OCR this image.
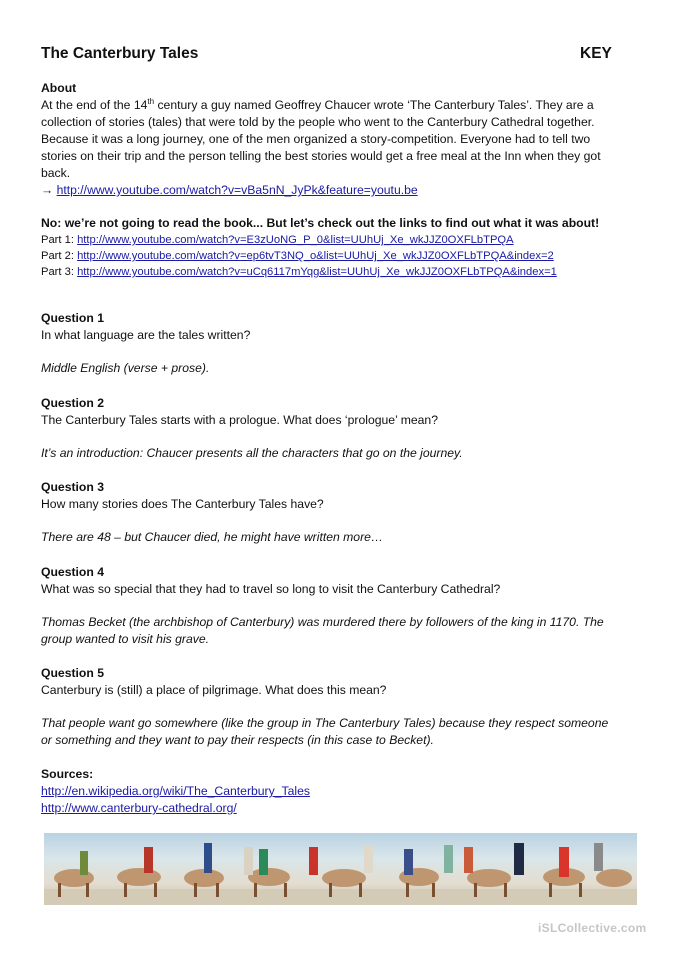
The Canterbury Tales	KEY
About
At the end of the 14th century a guy named Geoffrey Chaucer wrote ‘The Canterbury Tales’. They are a
collection of stories (tales) that were told by the people who went to the Canterbury Cathedral together.
Because it was a long journey, one of the men organized a story-competition. Everyone had to tell two
stories on their trip and the person telling the best stories would get a free meal at the Inn when they got
back.
→ http://www.youtube.com/watch?v=vBa5nN_JyPk&feature=youtu.be
No: we’re not going to read the book... But let’s check out the links to find out what it was about!
Part 1: http://www.youtube.com/watch?v=E3zUoNG_P_0&list=UUhUj_Xe_wkJJZ0OXFLbTPQA
Part 2: http://www.youtube.com/watch?v=ep6tvT3NQ_o&list=UUhUj_Xe_wkJJZ0OXFLbTPQA&index=2
Part 3: http://www.youtube.com/watch?v=uCq6117mYqg&list=UUhUj_Xe_wkJJZ0OXFLbTPQA&index=1
Question 1
In what language are the tales written?
Middle English (verse + prose).
Question 2
The Canterbury Tales starts with a prologue. What does ‘prologue’ mean?
It’s an introduction: Chaucer presents all the characters that go on the journey.
Question 3
How many stories does The Canterbury Tales have?
There are 48 – but Chaucer died, he might have written more…
Question 4
What was so special that they had to travel so long to visit the Canterbury Cathedral?
Thomas Becket (the archbishop of Canterbury) was murdered there by followers of the king in 1170. The
group wanted to visit his grave.
Question 5
Canterbury is (still) a place of pilgrimage. What does this mean?
That people want go somewhere (like the group in The Canterbury Tales) because they respect someone
or something and they want to pay their respects (in this case to Becket).
Sources:
http://en.wikipedia.org/wiki/The_Canterbury_Tales
http://www.canterbury-cathedral.org/
iSLCollective.com
